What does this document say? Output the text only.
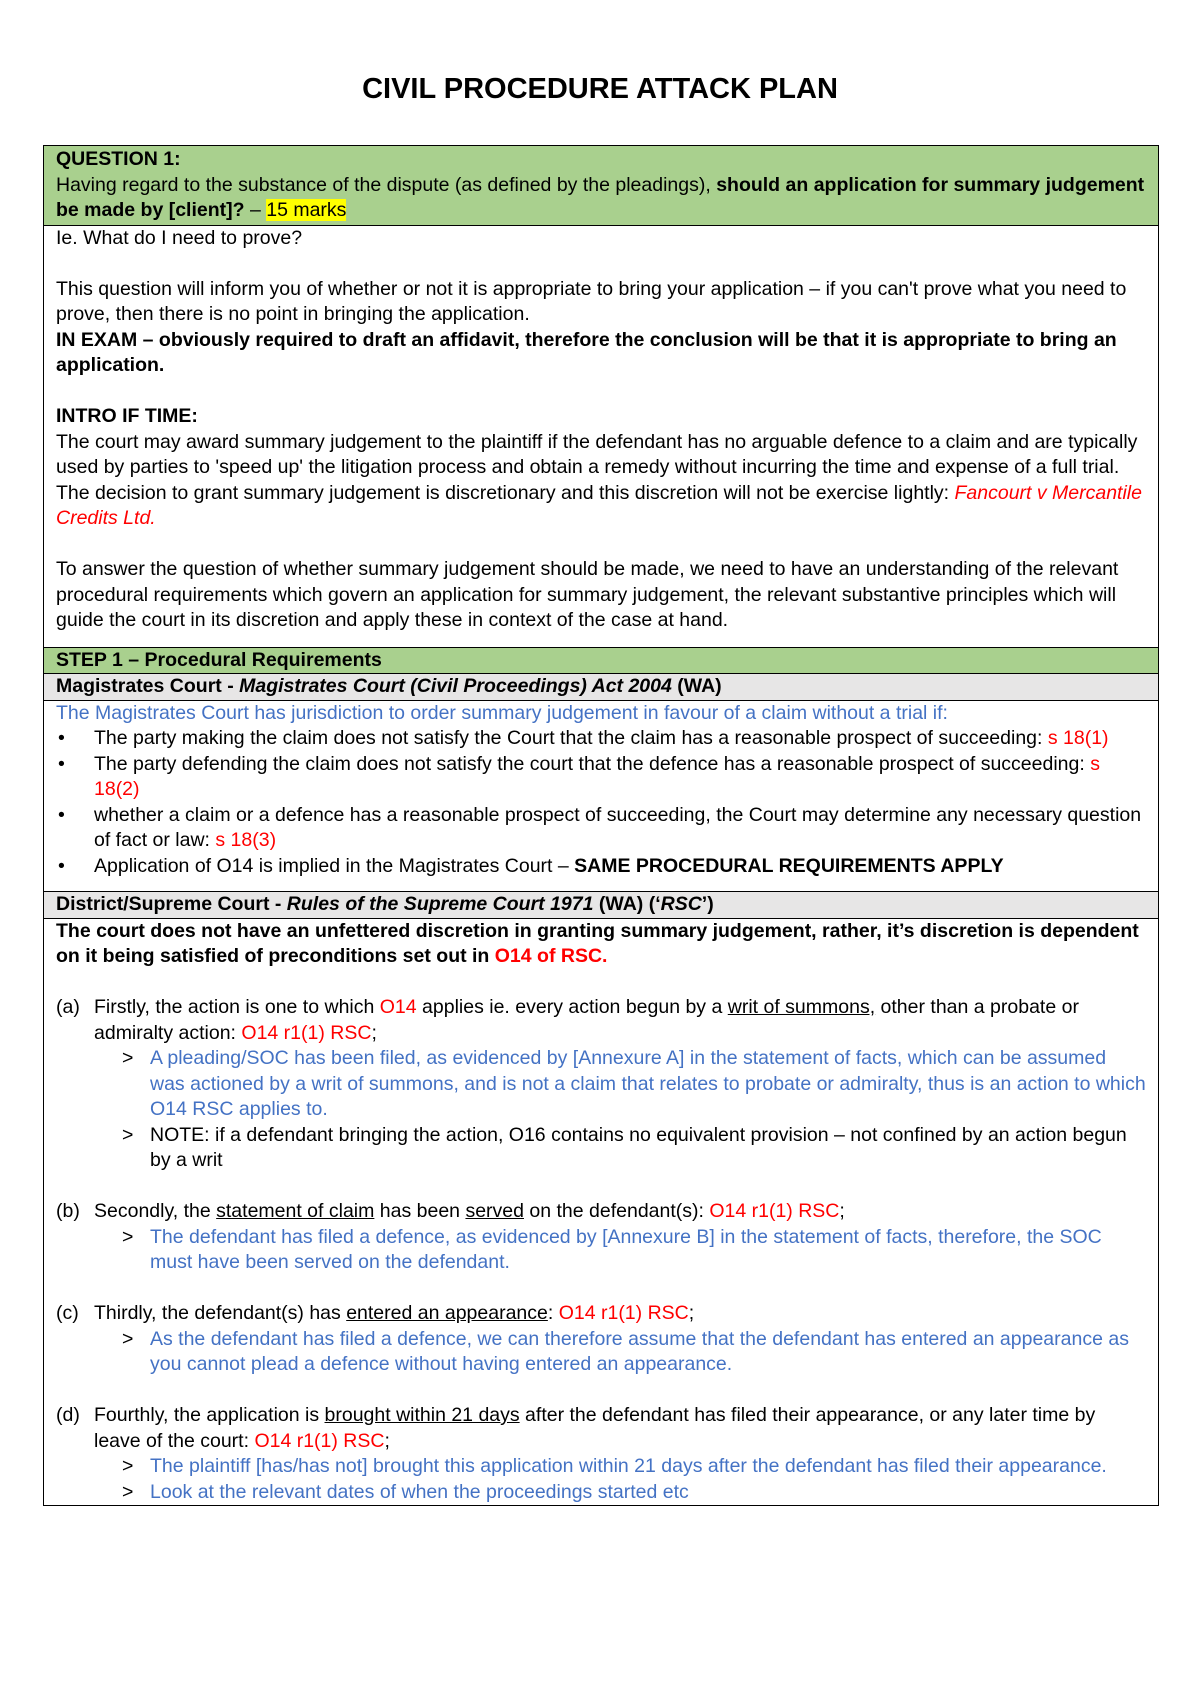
CIVIL PROCEDURE ATTACK PLAN

QUESTION 1:

Having regard to the substance of the dispute (as defined by the pleadings), should an application for summary judgement be made by [client]? – 15 marks

Ie. What do I need to prove?

This question will inform you of whether or not it is appropriate to bring your application – if you can't prove what you need to prove, then there is no point in bringing the application.

IN EXAM – obviously required to draft an affidavit, therefore the conclusion will be that it is appropriate to bring an application.

INTRO IF TIME:

The court may award summary judgement to the plaintiff if the defendant has no arguable defence to a claim and are typically used by parties to 'speed up' the litigation process and obtain a remedy without incurring the time and expense of a full trial. The decision to grant summary judgement is discretionary and this discretion will not be exercise lightly: Fancourt v Mercantile Credits Ltd.

To answer the question of whether summary judgement should be made, we need to have an understanding of the relevant procedural requirements which govern an application for summary judgement, the relevant substantive principles which will guide the court in its discretion and apply these in context of the case at hand.

STEP 1 – Procedural Requirements
Magistrates Court - Magistrates Court (Civil Proceedings) Act 2004 (WA)

The Magistrates Court has jurisdiction to order summary judgement in favour of a claim without a trial if:

• The party making the claim does not satisfy the Court that the claim has a reasonable prospect of succeeding: s 18(1)
• The party defending the claim does not satisfy the court that the defence has a reasonable prospect of succeeding: s 18(2)
• whether a claim or a defence has a reasonable prospect of succeeding, the Court may determine any necessary question of fact or law: s 18(3)
• Application of O14 is implied in the Magistrates Court – SAME PROCEDURAL REQUIREMENTS APPLY
District/Supreme Court - Rules of the Supreme Court 1971 (WA) (‘RSC’)

The court does not have an unfettered discretion in granting summary judgement, rather, it’s discretion is dependent on it being satisfied of preconditions set out in O14 of RSC.

(a) Firstly, the action is one to which O14 applies ie. every action begun by a writ of summons, other than a probate or admiralty action: O14 r1(1) RSC;
> A pleading/SOC has been filed, as evidenced by [Annexure A] in the statement of facts, which can be assumed was actioned by a writ of summons, and is not a claim that relates to probate or admiralty, thus is an action to which O14 RSC applies to.
> NOTE: if a defendant bringing the action, O16 contains no equivalent provision – not confined by an action begun by a writ
(b) Secondly, the statement of claim has been served on the defendant(s): O14 r1(1) RSC;
> The defendant has filed a defence, as evidenced by [Annexure B] in the statement of facts, therefore, the SOC must have been served on the defendant.
(c) Thirdly, the defendant(s) has entered an appearance: O14 r1(1) RSC;
> As the defendant has filed a defence, we can therefore assume that the defendant has entered an appearance as you cannot plead a defence without having entered an appearance.
(d) Fourthly, the application is brought within 21 days after the defendant has filed their appearance, or any later time by leave of the court: O14 r1(1) RSC;
> The plaintiff [has/has not] brought this application within 21 days after the defendant has filed their appearance.
> Look at the relevant dates of when the proceedings started etc
